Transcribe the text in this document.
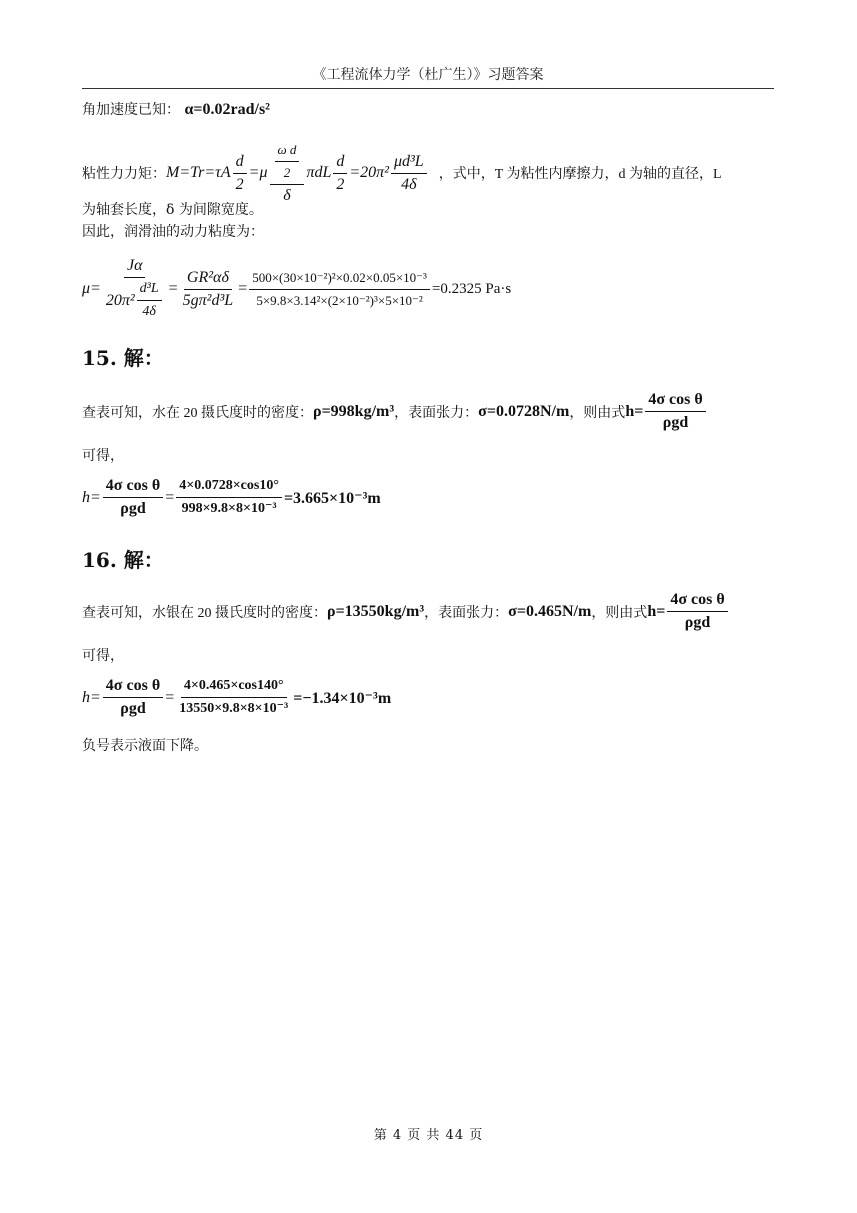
《工程流体力学（杜广生）》习题答案
角加速度已知： α=0.02rad/s²
粘性力力矩： $M=Tr=\tau A \frac{d}{2} =\mu \frac{\frac{\text{ω d}}{2}}{\delta}$ πdL $\frac{d}{2} =20\pi^2 \frac{\text{μd³L}}{4\delta}$ ，式中，T 为粘性内摩擦力，d 为轴的直径，L
为轴套长度，δ 为间隙宽度。
因此，润滑油的动力粘度为：
$\mu= \frac{J\alpha}{20\pi^2 \frac{\text{d³L}}{4\delta}} = \frac{\text{GR²αδ}}{\text{5gπ²d³L}} = \frac{\text{500×(30×10⁻²)²×0.02×0.05×10⁻³}}{\text{5×9.8×3.14²×(2×10⁻²)³×5×10⁻²}} =0.2325$ Pa·s
15. 解：
查表可知，水在 20 摄氏度时的密度： ρ=998kg/m³ ，表面张力： σ=0.0728N/m ，则由式 $h= \frac{\text{4σ cos θ}}{\text{ρgd}}$
可得，
$h= \frac{\text{4σ cos θ}}{\text{ρgd}} = \frac{4\times 0.0728\times\cos 10^\circ}{\text{998×9.8×8×10⁻³}} =3.665\times 10^{-3}m$
16. 解：
查表可知，水银在 20 摄氏度时的密度： ρ=13550kg/m³ ，表面张力： σ=0.465N/m ，则由式 $h= \frac{\text{4σ cos θ}}{\text{ρgd}}$
可得，
$h= \frac{\text{4σ cos θ}}{\text{ρgd}} = \frac{4\times 0.465\times\cos 140^\circ}{\text{13550×9.8×8×10⁻³}} =-1.34\times 10^{-3}m$
负号表示液面下降。
第 4 页 共 44 页
